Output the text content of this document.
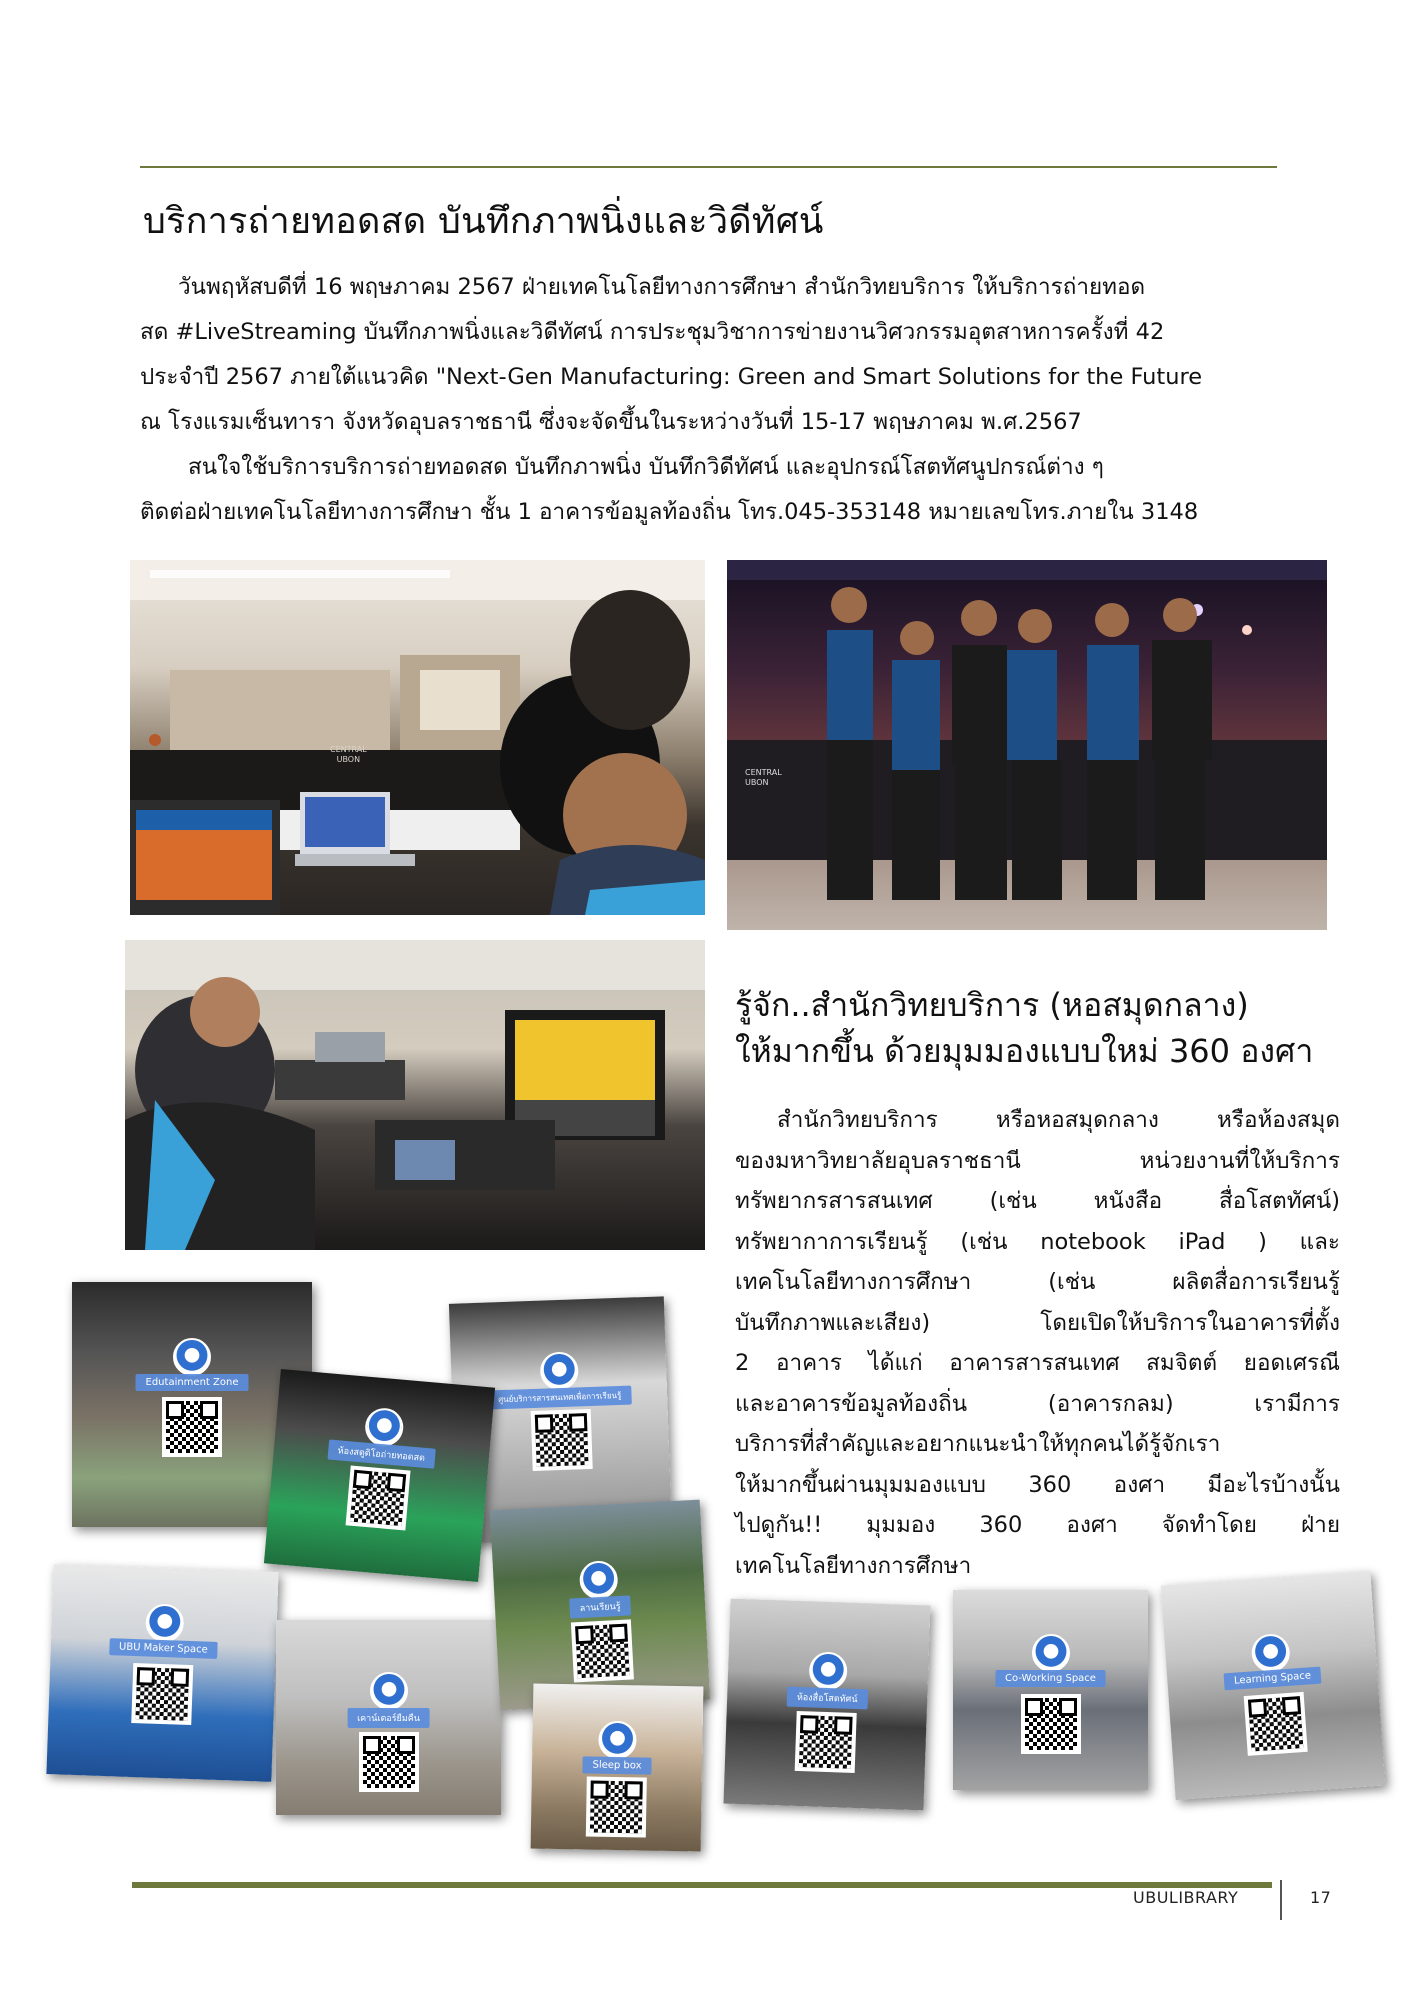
บริการถ่ายทอดสด บันทึกภาพนิ่งและวิดีทัศน์
วันพฤหัสบดีที่ 16 พฤษภาคม 2567 ฝ่ายเทคโนโลยีทางการศึกษา สำนักวิทยบริการ ให้บริการถ่ายทอด
สด #LiveStreaming บันทึกภาพนิ่งและวิดีทัศน์ การประชุมวิชาการข่ายงานวิศวกรรมอุตสาหการครั้งที่ 42
ประจำปี 2567 ภายใต้แนวคิด "Next-Gen Manufacturing: Green and Smart Solutions for the Future
ณ โรงแรมเซ็นทารา จังหวัดอุบลราชธานี ซึ่งจะจัดขึ้นในระหว่างวันที่ 15-17 พฤษภาคม พ.ศ.2567
สนใจใช้บริการบริการถ่ายทอดสด บันทึกภาพนิ่ง บันทึกวิดีทัศน์ และอุปกรณ์โสตทัศนูปกรณ์ต่าง ๆ
ติดต่อฝ่ายเทคโนโลยีทางการศึกษา ชั้น 1 อาคารข้อมูลท้องถิ่น โทร.045-353148 หมายเลขโทร.ภายใน 3148
CENTRAL
UBON
CENTRAL
UBON
รู้จัก..สำนักวิทยบริการ (หอสมุดกลาง)
ให้มากขึ้น ด้วยมุมมองแบบใหม่ 360 องศา
สำนักวิทยบริการ หรือหอสมุดกลาง หรือห้องสมุด
ของมหาวิทยาลัยอุบลราชธานี หน่วยงานที่ให้บริการ
ทรัพยากรสารสนเทศ (เช่น หนังสือ สื่อโสตทัศน์)
ทรัพยากาการเรียนรู้ (เช่น notebook iPad ) และ
เทคโนโลยีทางการศึกษา (เช่น ผลิตสื่อการเรียนรู้
บันทึกภาพและเสียง) โดยเปิดให้บริการในอาคารที่ตั้ง
2 อาคาร ได้แก่ อาคารสารสนเทศ สมจิตต์ ยอดเศรณี
และอาคารข้อมูลท้องถิ่น (อาคารกลม) เรามีการ
บริการที่สำคัญและอยากแนะนำให้ทุกคนได้รู้จักเรา
ให้มากขึ้นผ่านมุมมองแบบ 360 องศา มีอะไรบ้างนั้น
ไปดูกัน!! มุมมอง 360 องศา จัดทำโดย ฝ่าย
เทคโนโลยีทางการศึกษา
Edutainment Zone
ศูนย์บริการสารสนเทศเพื่อการเรียนรู้
ห้องสตูดิโอถ่ายทอดสด
UBU Maker Space
เคาน์เตอร์ยืมคืน
ลานเรียนรู้
Sleep box
ห้องสื่อโสตทัศน์
Co-Working Space	Learning Space
UBULIBRARY	17
